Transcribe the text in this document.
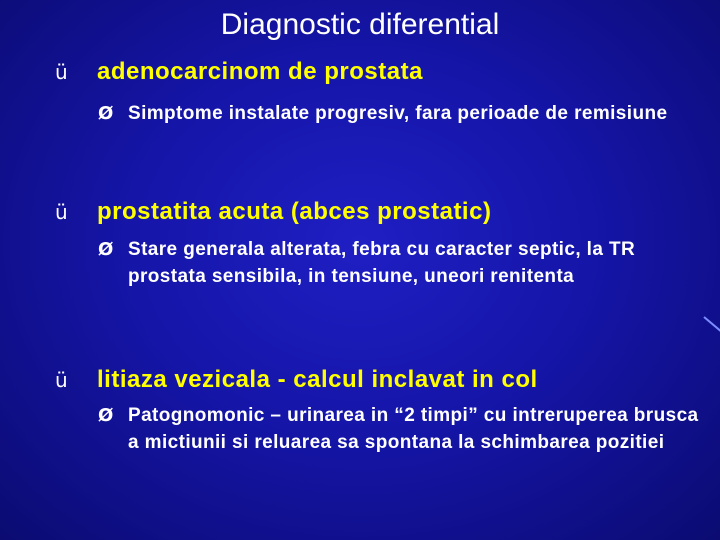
Diagnostic diferential
ü	adenocarcinom de prostata
Ø Simptome instalate progresiv, fara perioade de remisiune
ü	prostatita acuta (abces prostatic)
Ø Stare generala alterata, febra cu caracter septic, la TR prostata sensibila, in tensiune, uneori renitenta
ü	litiaza vezicala - calcul inclavat in col
Ø Patognomonic – urinarea in “2 timpi” cu intreruperea brusca a mictiunii si reluarea sa spontana la schimbarea pozitiei
